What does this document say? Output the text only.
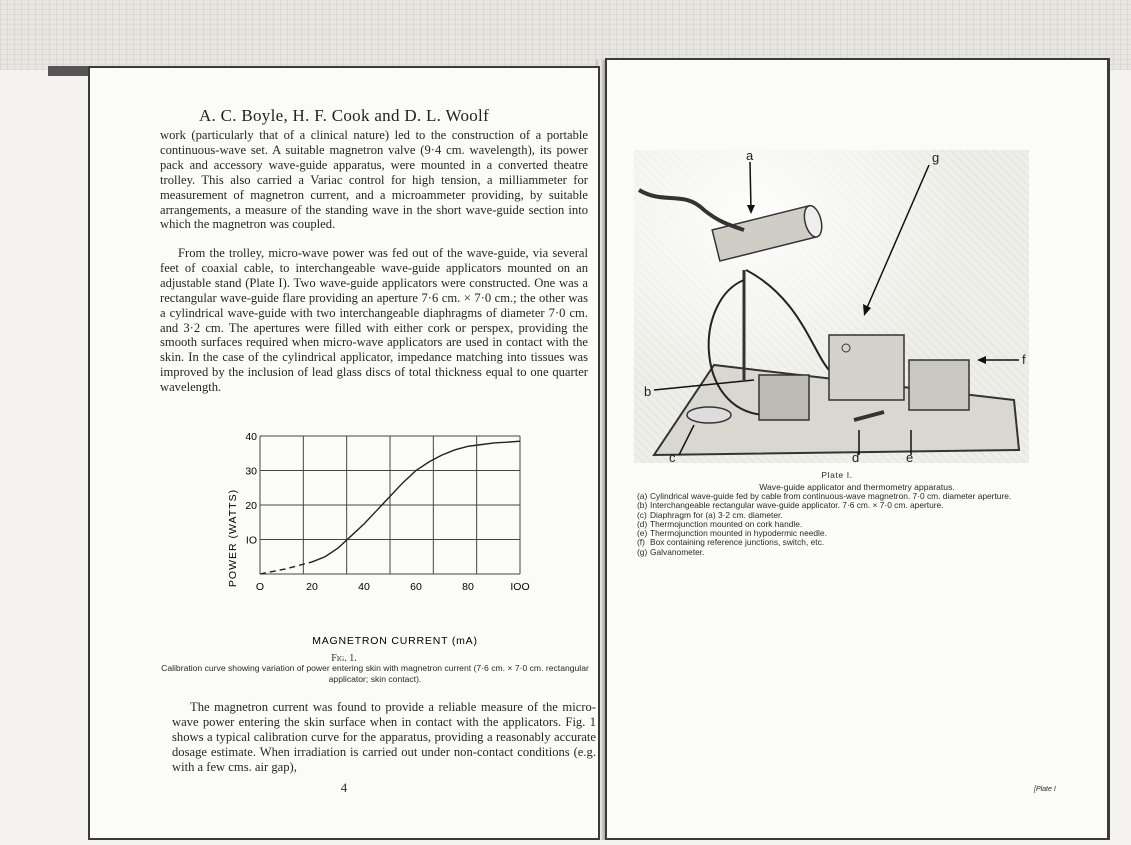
A. C. Boyle, H. F. Cook and D. L. Woolf
work (particularly that of a clinical nature) led to the construction of a portable continuous-wave set. A suitable magnetron valve (9·4 cm. wavelength), its power pack and accessory wave-guide apparatus, were mounted in a converted theatre trolley. This also carried a Variac control for high tension, a milliammeter for measurement of magnetron current, and a microammeter providing, by suitable arrangements, a measure of the standing wave in the short wave-guide section into which the magnetron was coupled.
From the trolley, micro-wave power was fed out of the wave-guide, via several feet of coaxial cable, to interchangeable wave-guide applicators mounted on an adjustable stand (Plate I). Two wave-guide applicators were constructed. One was a rectangular wave-guide flare providing an aperture 7·6 cm. × 7·0 cm.; the other was a cylindrical wave-guide with two interchangeable diaphragms of diameter 7·0 cm. and 3·2 cm. The apertures were filled with either cork or perspex, providing the smooth surfaces required when micro-wave applicators are used in contact with the skin. In the case of the cylindrical applicator, impedance matching into tissues was improved by the inclusion of lead glass discs of total thickness equal to one quarter wavelength.
O	20	40	60	80	IOO
IO
20
30
40
POWER (WATTS)
MAGNETRON CURRENT (mA)
Fig. 1.
Calibration curve showing variation of power entering skin with magnetron current (7·6 cm. × 7·0 cm. rectangular applicator; skin contact).
The magnetron current was found to provide a reliable measure of the micro-wave power entering the skin surface when in contact with the applicators. Fig. 1 shows a typical calibration curve for the apparatus, providing a reasonably accurate dosage estimate. When irradiation is carried out under non-contact conditions (e.g. with a few cms. air gap),
4
a	g
b
f
c	d	e
Plate I.
Wave-guide applicator and thermometry apparatus.
(a) Cylindrical wave-guide fed by cable from continuous-wave magnetron. 7·0 cm. diameter aperture.
(b) Interchangeable rectangular wave-guide applicator. 7·6 cm. × 7·0 cm. aperture.
(c) Diaphragm for (a) 3·2 cm. diameter.
(d) Thermojunction mounted on cork handle.
(e) Thermojunction mounted in hypodermic needle.
(f) Box containing reference junctions, switch, etc.
(g) Galvanometer.
[Plate I
